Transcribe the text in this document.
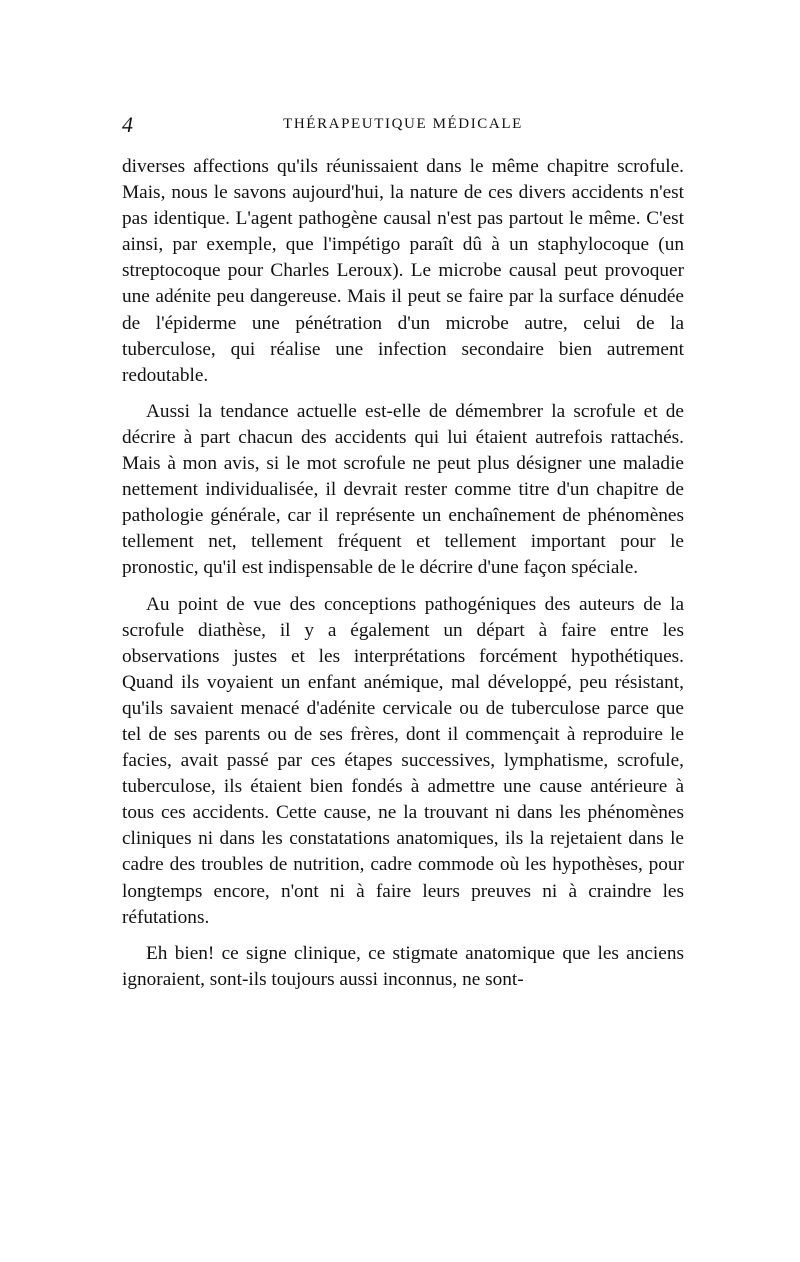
4	THÉRAPEUTIQUE MÉDICALE

diverses affections qu'ils réunissaient dans le même chapitre scrofule. Mais, nous le savons aujourd'hui, la nature de ces divers accidents n'est pas identique. L'agent pathogène causal n'est pas partout le même. C'est ainsi, par exemple, que l'impétigo paraît dû à un staphylocoque (un streptocoque pour Charles Leroux). Le microbe causal peut provoquer une adénite peu dangereuse. Mais il peut se faire par la surface dénudée de l'épiderme une pénétration d'un microbe autre, celui de la tuberculose, qui réalise une infection secondaire bien autrement redoutable.

Aussi la tendance actuelle est-elle de démembrer la scrofule et de décrire à part chacun des accidents qui lui étaient autrefois rattachés. Mais à mon avis, si le mot scrofule ne peut plus désigner une maladie nettement individualisée, il devrait rester comme titre d'un chapitre de pathologie générale, car il représente un enchaînement de phénomènes tellement net, tellement fréquent et tellement important pour le pronostic, qu'il est indispensable de le décrire d'une façon spéciale.

Au point de vue des conceptions pathogéniques des auteurs de la scrofule diathèse, il y a également un départ à faire entre les observations justes et les interprétations forcément hypothétiques. Quand ils voyaient un enfant anémique, mal développé, peu résistant, qu'ils savaient menacé d'adénite cervicale ou de tuberculose parce que tel de ses parents ou de ses frères, dont il commençait à reproduire le facies, avait passé par ces étapes successives, lymphatisme, scrofule, tuberculose, ils étaient bien fondés à admettre une cause antérieure à tous ces accidents. Cette cause, ne la trouvant ni dans les phénomènes cliniques ni dans les constatations anatomiques, ils la rejetaient dans le cadre des troubles de nutrition, cadre commode où les hypothèses, pour longtemps encore, n'ont ni à faire leurs preuves ni à craindre les réfutations.

Eh bien! ce signe clinique, ce stigmate anatomique que les anciens ignoraient, sont-ils toujours aussi inconnus, ne sont-
